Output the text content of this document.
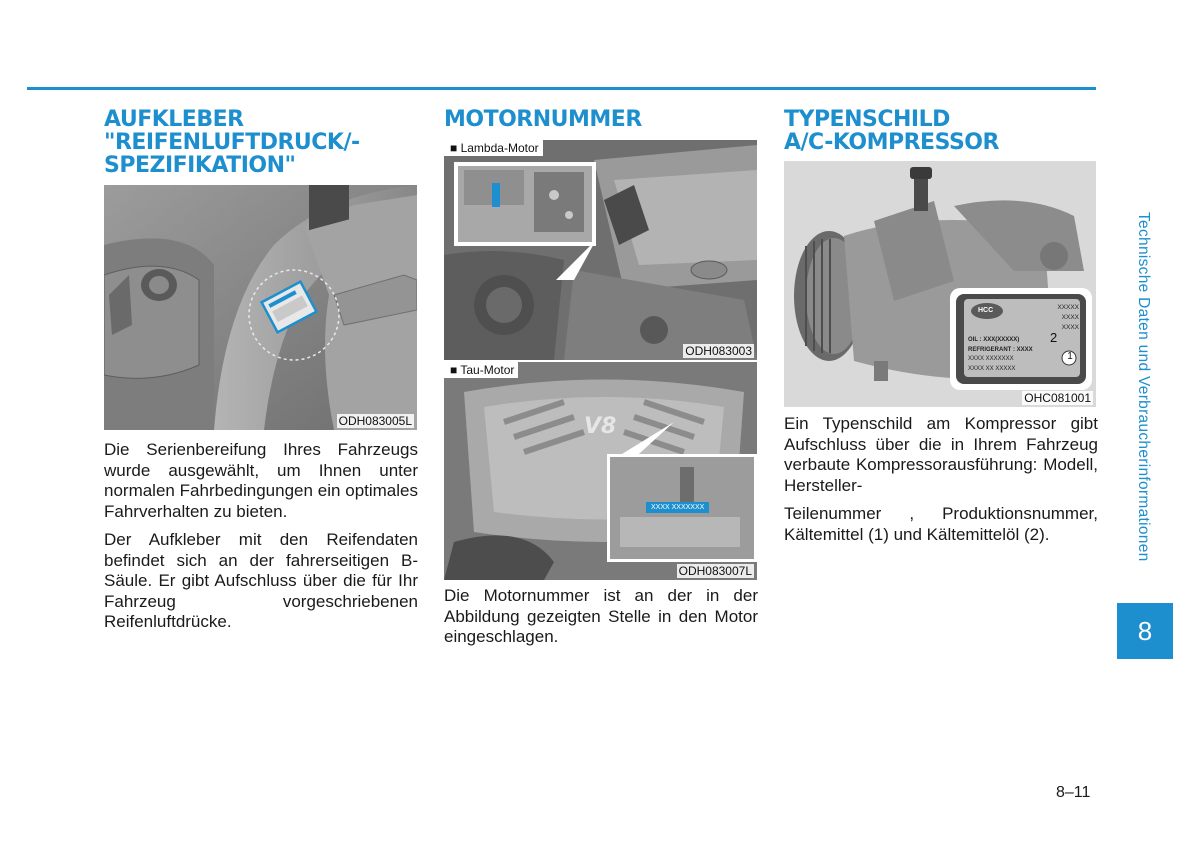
AUFKLEBER
"REIFENLUFTDRUCK/-
SPEZIFIKATION"
ODH083005L

Die Serienbereifung Ihres Fahrzeugs wurde ausgewählt, um Ihnen unter normalen Fahrbedingungen ein optimales Fahrverhalten zu bieten.

Der Aufkleber mit den Reifendaten befindet sich an der fahrerseitigen B-Säule. Er gibt Aufschluss über die für Ihr Fahrzeug vorgeschriebenen Reifenluftdrücke.

MOTORNUMMER
■ Lambda-Motor
ODH083003
V8
XXXX XXXXXXX
■ Tau-Motor
ODH083007L

Die Motornummer ist an der in der Abbildung gezeigten Stelle in den Motor eingeschlagen.

TYPENSCHILD
A/C-KOMPRESSOR
HCC	XXXXX
XXXX
XXXX
OIL : XXX(XXXXX)
REFRIGERANT : XXXX
XXXX XXXXXXX
XXXX XX XXXXX
2
1
OHC081001

Ein Typenschild am Kompressor gibt Aufschluss über die in Ihrem Fahrzeug verbaute Kompressorausführung: Modell, Hersteller-

Teilenummer , Produktionsnummer, Kältemittel (1) und Kältemittelöl (2).	Technische Daten und Verbraucherinformationen
8
8–11
